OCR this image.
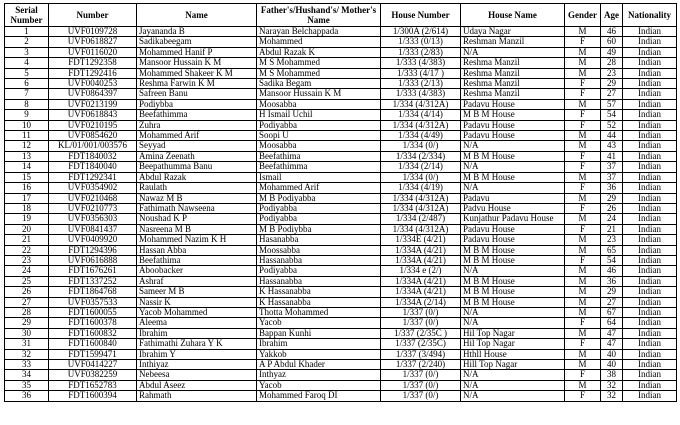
Serial Number	Number	Name	Father's/Hushand's/ Mother's Name	House Number	House Name	Gender	Age	Nationality
1	UVF0109728	Jayananda B	Narayan Belchappada	1/300A (2/614)	Udaya Nagar	M	46	Indian
2	UVF0618827	Sadikabeegam	Mohammed	1/333 (0/13)	Reshman Manzil	F	60	Indian
3	UVF0116020	Mohammed Hanif P	Abdul Razak K	1/333 (2/83)	N/A	M	49	Indian
4	FDT1292358	Mansoor Hussain K M	M S Mohammed	1/333 (4/383)	Reshma Manzil	M	28	Indian
5	FDT1292416	Mohammed Shakeer K M	M S Mohammed	1/333 (4/17 )	Reshma Manzil	M	23	Indian
6	UVF0040253	Reshma Farwin K M	Sadika Begam	1/333 (2/13)	Reshma Manzil	F	29	Indian
7	UVF0864397	Safreen Banu	Mansoor Hussain K M	1/333 (4/383)	Reshma Manzil	F	27	Indian
8	UVF0213199	Podiybba	Moosabba	1/334 (4/312A)	Padavu House	M	57	Indian
9	UVF0618843	Beefathimma	H Ismail Uchil	1/334 (4/14)	M B M House	F	54	Indian
10	UVF0210195	Zuhra	Podiyabba	1/334 (4/312A)	Padavu House	F	52	Indian
11	UVF0854620	Mohammed Arif	Soopi U	1/334 (4/49)	Padavu House	M	44	Indian
12	KL/01/001/003576	Seyyad	Moosabba	1/334 (0/)	N/A	M	43	Indian
13	FDT1840032	Amina Zeenath	Beefathima	1/334 (2/334)	M B M House	F	41	Indian
14	FDT1840040	Beepathumma Banu	Beefathimma	1/334 (2/14)	N/A	F	37	Indian
15	FDT1292341	Abdul Razak	Ismail	1/334 (0/)	M B M House	M	37	Indian
16	UVF0354902	Raulath	Mohammed Arif	1/334 (4/19)	N/A	F	36	Indian
17	UVF0210468	Nawaz M B	M B Podiyabba	1/334 (4/312A)	Padavu	M	29	Indian
18	UVF0210773	Fathimath Nawseena	Podiyabba	1/334 (4/312A)	Padvu House	F	26	Indian
19	UVF0356303	Noushad K P	Podiyabba	1/334 (2/487)	Kunjathur Padavu House	M	24	Indian
20	UVF0841437	Nasreena M B	M B Podiybba	1/334 (4/312A)	Padavu House	F	21	Indian
21	UVF0409920	Mohammed Nazim K H	Hasanabba	1/334E (4/21)	Padavu House	M	23	Indian
22	FDT1294396	Hassan Abba	Moossabba	1/334A (4/21)	M B M House	M	65	Indian
23	UVF0616888	Beefathima	Hassanabba	1/334A (4/21)	M B M House	F	54	Indian
24	FDT1676261	Aboobacker	Podiyabba	1/334 e (2/)	N/A	M	46	Indian
25	FDT1337252	Ashraf	Hassanabba	1/334A (4/21)	M B M House	M	36	Indian
26	FDT1864768	Sameer M B	K Hassanabba	1/334A (4/21)	M B M House	M	29	Indian
27	UVF0357533	Nassir K	K Hassanabba	1/334A (2/14)	M B M House	M	27	Indian
28	FDT1600055	Yacob Mohammed	Thotta Mohammed	1/337 (0/)	N/A	M	67	Indian
29	FDT1600378	Aleema	Yacob	1/337 (0/)	N/A	F	64	Indian
30	FDT1600832	Ibrahim	Bappan Kunhi	1/337 (2/35C )	Hil Top Nagar	M	47	Indian
31	FDT1600840	Fathimathi Zuhara Y K	Ibrahim	1/337 (2/35C)	Hil Top Nagar	F	47	Indian
32	FDT1599471	Ibrahim Y	Yakkob	1/337 (3/494)	Hthll House	M	40	Indian
33	UVF0414227	Inthiyaz	A P Abdul Khader	1/337 (2/240)	Hill Top Nagar	M	40	Indian
34	UVF0382259	Nebeesa	Inthyaz	1/337 (0/)	N/A	F	38	Indian
35	FDT1652783	Abdul Aseez	Yacob	1/337 (0/)	N/A	M	32	Indian
36	FDT1600394	Rahmath	Mohammed Faroq DI	1/337 (0/)	N/A	F	32	Indian
